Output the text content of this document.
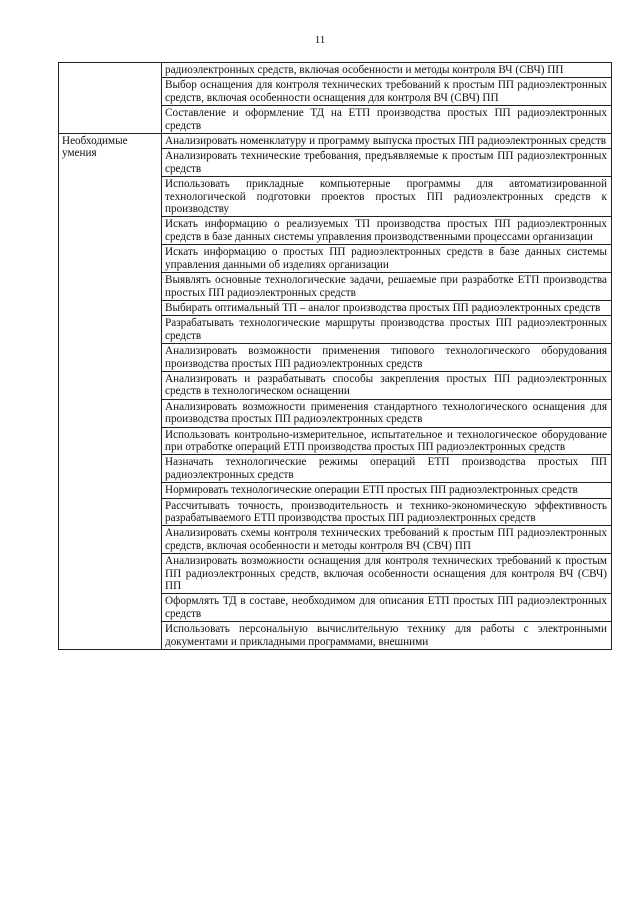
11
	радиоэлектронных средств, включая особенности и методы контроля ВЧ (СВЧ) ПП
	Выбор оснащения для контроля технических требований к простым ПП радиоэлектронных средств, включая особенности оснащения для контроля ВЧ (СВЧ) ПП
	Составление и оформление ТД на ЕТП производства простых ПП радиоэлектронных средств
Необходимые умения	Анализировать номенклатуру и программу выпуска простых ПП радиоэлектронных средств
	Анализировать технические требования, предъявляемые к простым ПП радиоэлектронных средств
	Использовать прикладные компьютерные программы для автоматизированной технологической подготовки проектов простых ПП радиоэлектронных средств к производству
	Искать информацию о реализуемых ТП производства простых ПП радиоэлектронных средств в базе данных системы управления производственными процессами организации
	Искать информацию о простых ПП радиоэлектронных средств в базе данных системы управления данными об изделиях организации
	Выявлять основные технологические задачи, решаемые при разработке ЕТП производства простых ПП радиоэлектронных средств
	Выбирать оптимальный ТП – аналог производства простых ПП радиоэлектронных средств
	Разрабатывать технологические маршруты производства простых ПП радиоэлектронных средств
	Анализировать возможности применения типового технологического оборудования производства простых ПП радиоэлектронных средств
	Анализировать и разрабатывать способы закрепления простых ПП радиоэлектронных средств в технологическом оснащении
	Анализировать возможности применения стандартного технологического оснащения для производства простых ПП радиоэлектронных средств
	Использовать контрольно-измерительное, испытательное и технологическое оборудование при отработке операций ЕТП производства простых ПП радиоэлектронных средств
	Назначать технологические режимы операций ЕТП производства простых ПП радиоэлектронных средств
	Нормировать технологические операции ЕТП простых ПП радиоэлектронных средств
	Рассчитывать точность, производительность и технико-экономическую эффективность разрабатываемого ЕТП производства простых ПП радиоэлектронных средств
	Анализировать схемы контроля технических требований к простым ПП радиоэлектронных средств, включая особенности и методы контроля ВЧ (СВЧ) ПП
	Анализировать возможности оснащения для контроля технических требований к простым ПП радиоэлектронных средств, включая особенности оснащения для контроля ВЧ (СВЧ) ПП
	Оформлять ТД в составе, необходимом для описания ЕТП простых ПП радиоэлектронных средств
	Использовать персональную вычислительную технику для работы с электронными документами и прикладными программами, внешними
